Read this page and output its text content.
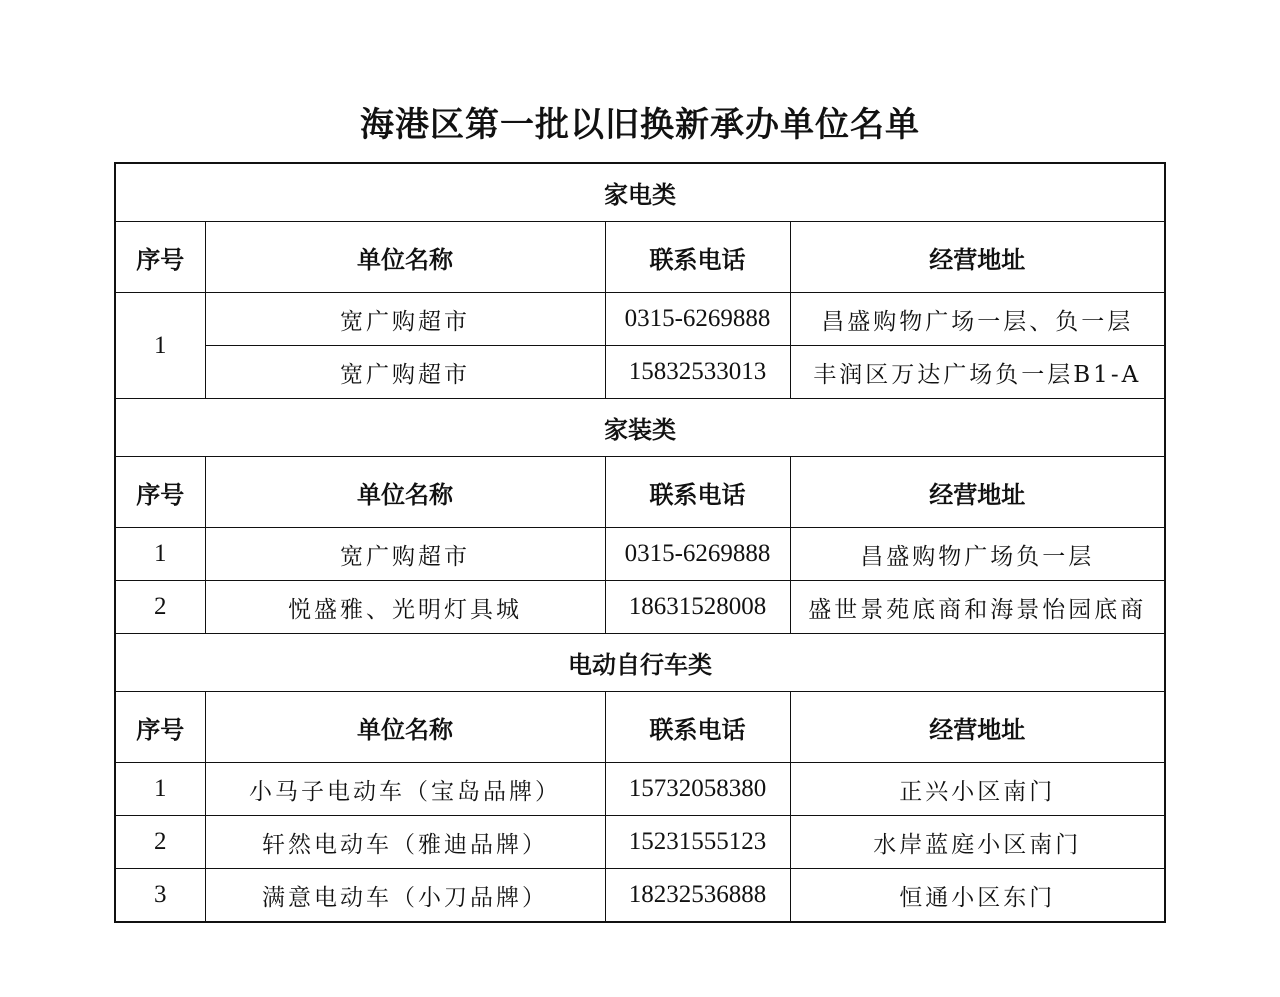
海港区第一批以旧换新承办单位名单
家电类			
序号	单位名称	联系电话	经营地址
1	宽广购超市	0315-6269888	昌盛购物广场一层、负一层
	宽广购超市	15832533013	丰润区万达广场负一层B1-A
家装类			
序号	单位名称	联系电话	经营地址
1	宽广购超市	0315-6269888	昌盛购物广场负一层
2	悦盛雅、光明灯具城	18631528008	盛世景苑底商和海景怡园底商
电动自行车类			
序号	单位名称	联系电话	经营地址
1	小马子电动车（宝岛品牌）	15732058380	正兴小区南门
2	轩然电动车（雅迪品牌）	15231555123	水岸蓝庭小区南门
3	满意电动车（小刀品牌）	18232536888	恒通小区东门
